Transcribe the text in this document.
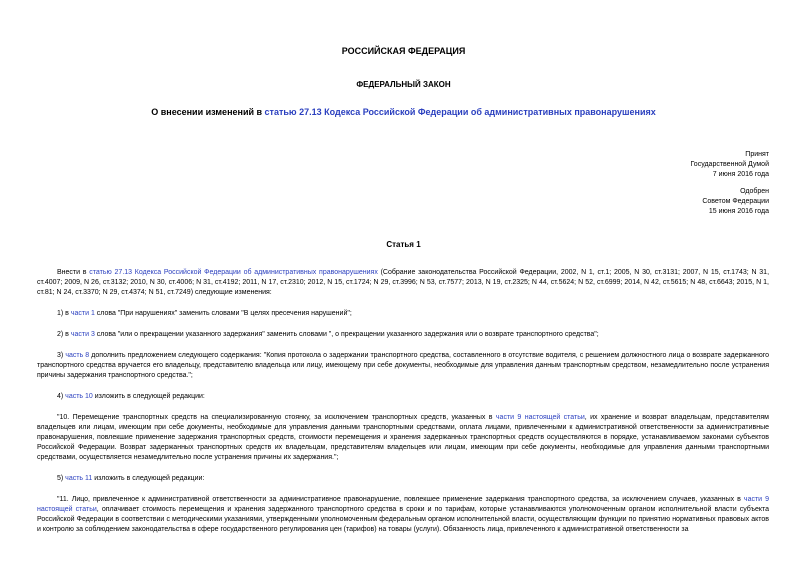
РОССИЙСКАЯ ФЕДЕРАЦИЯ
ФЕДЕРАЛЬНЫЙ ЗАКОН
О внесении изменений в статью 27.13 Кодекса Российской Федерации об административных правонарушениях
Принят
Государственной Думой
7 июня 2016 года
Одобрен
Советом Федерации
15 июня 2016 года
Статья 1

Внести в статью 27.13 Кодекса Российской Федерации об административных правонарушениях (Собрание законодательства Российской Федерации, 2002, N 1, ст.1; 2005, N 30, ст.3131; 2007, N 15, ст.1743; N 31, ст.4007; 2009, N 26, ст.3132; 2010, N 30, ст.4006; N 31, ст.4192; 2011, N 17, ст.2310; 2012, N 15, ст.1724; N 29, ст.3996; N 53, ст.7577; 2013, N 19, ст.2325; N 44, ст.5624; N 52, ст.6999; 2014, N 42, ст.5615; N 48, ст.6643; 2015, N 1, ст.81; N 24, ст.3370; N 29, ст.4374; N 51, ст.7249) следующие изменения:

1) в части 1 слова "При нарушениях" заменить словами "В целях пресечения нарушений";

2) в части 3 слова "или о прекращении указанного задержания" заменить словами ", о прекращении указанного задержания или о возврате транспортного средства";

3) часть 8 дополнить предложением следующего содержания: "Копия протокола о задержании транспортного средства, составленного в отсутствие водителя, с решением должностного лица о возврате задержанного транспортного средства вручается его владельцу, представителю владельца или лицу, имеющему при себе документы, необходимые для управления данным транспортным средством, незамедлительно после устранения причины задержания транспортного средства.";

4) часть 10 изложить в следующей редакции:

"10. Перемещение транспортных средств на специализированную стоянку, за исключением транспортных средств, указанных в части 9 настоящей статьи, их хранение и возврат владельцам, представителям владельцев или лицам, имеющим при себе документы, необходимые для управления данными транспортными средствами, оплата лицами, привлеченными к административной ответственности за административные правонарушения, повлекшие применение задержания транспортных средств, стоимости перемещения и хранения задержанных транспортных средств осуществляются в порядке, устанавливаемом законами субъектов Российской Федерации. Возврат задержанных транспортных средств их владельцам, представителям владельцев или лицам, имеющим при себе документы, необходимые для управления данными транспортными средствами, осуществляется незамедлительно после устранения причины их задержания.";

5) часть 11 изложить в следующей редакции:

"11. Лицо, привлеченное к административной ответственности за административное правонарушение, повлекшее применение задержания транспортного средства, за исключением случаев, указанных в части 9 настоящей статьи, оплачивает стоимость перемещения и хранения задержанного транспортного средства в сроки и по тарифам, которые устанавливаются уполномоченным органом исполнительной власти субъекта Российской Федерации в соответствии с методическими указаниями, утвержденными уполномоченным федеральным органом исполнительной власти, осуществляющим функции по принятию нормативных правовых актов и контролю за соблюдением законодательства в сфере государственного регулирования цен (тарифов) на товары (услуги). Обязанность лица, привлеченного к административной ответственности за
